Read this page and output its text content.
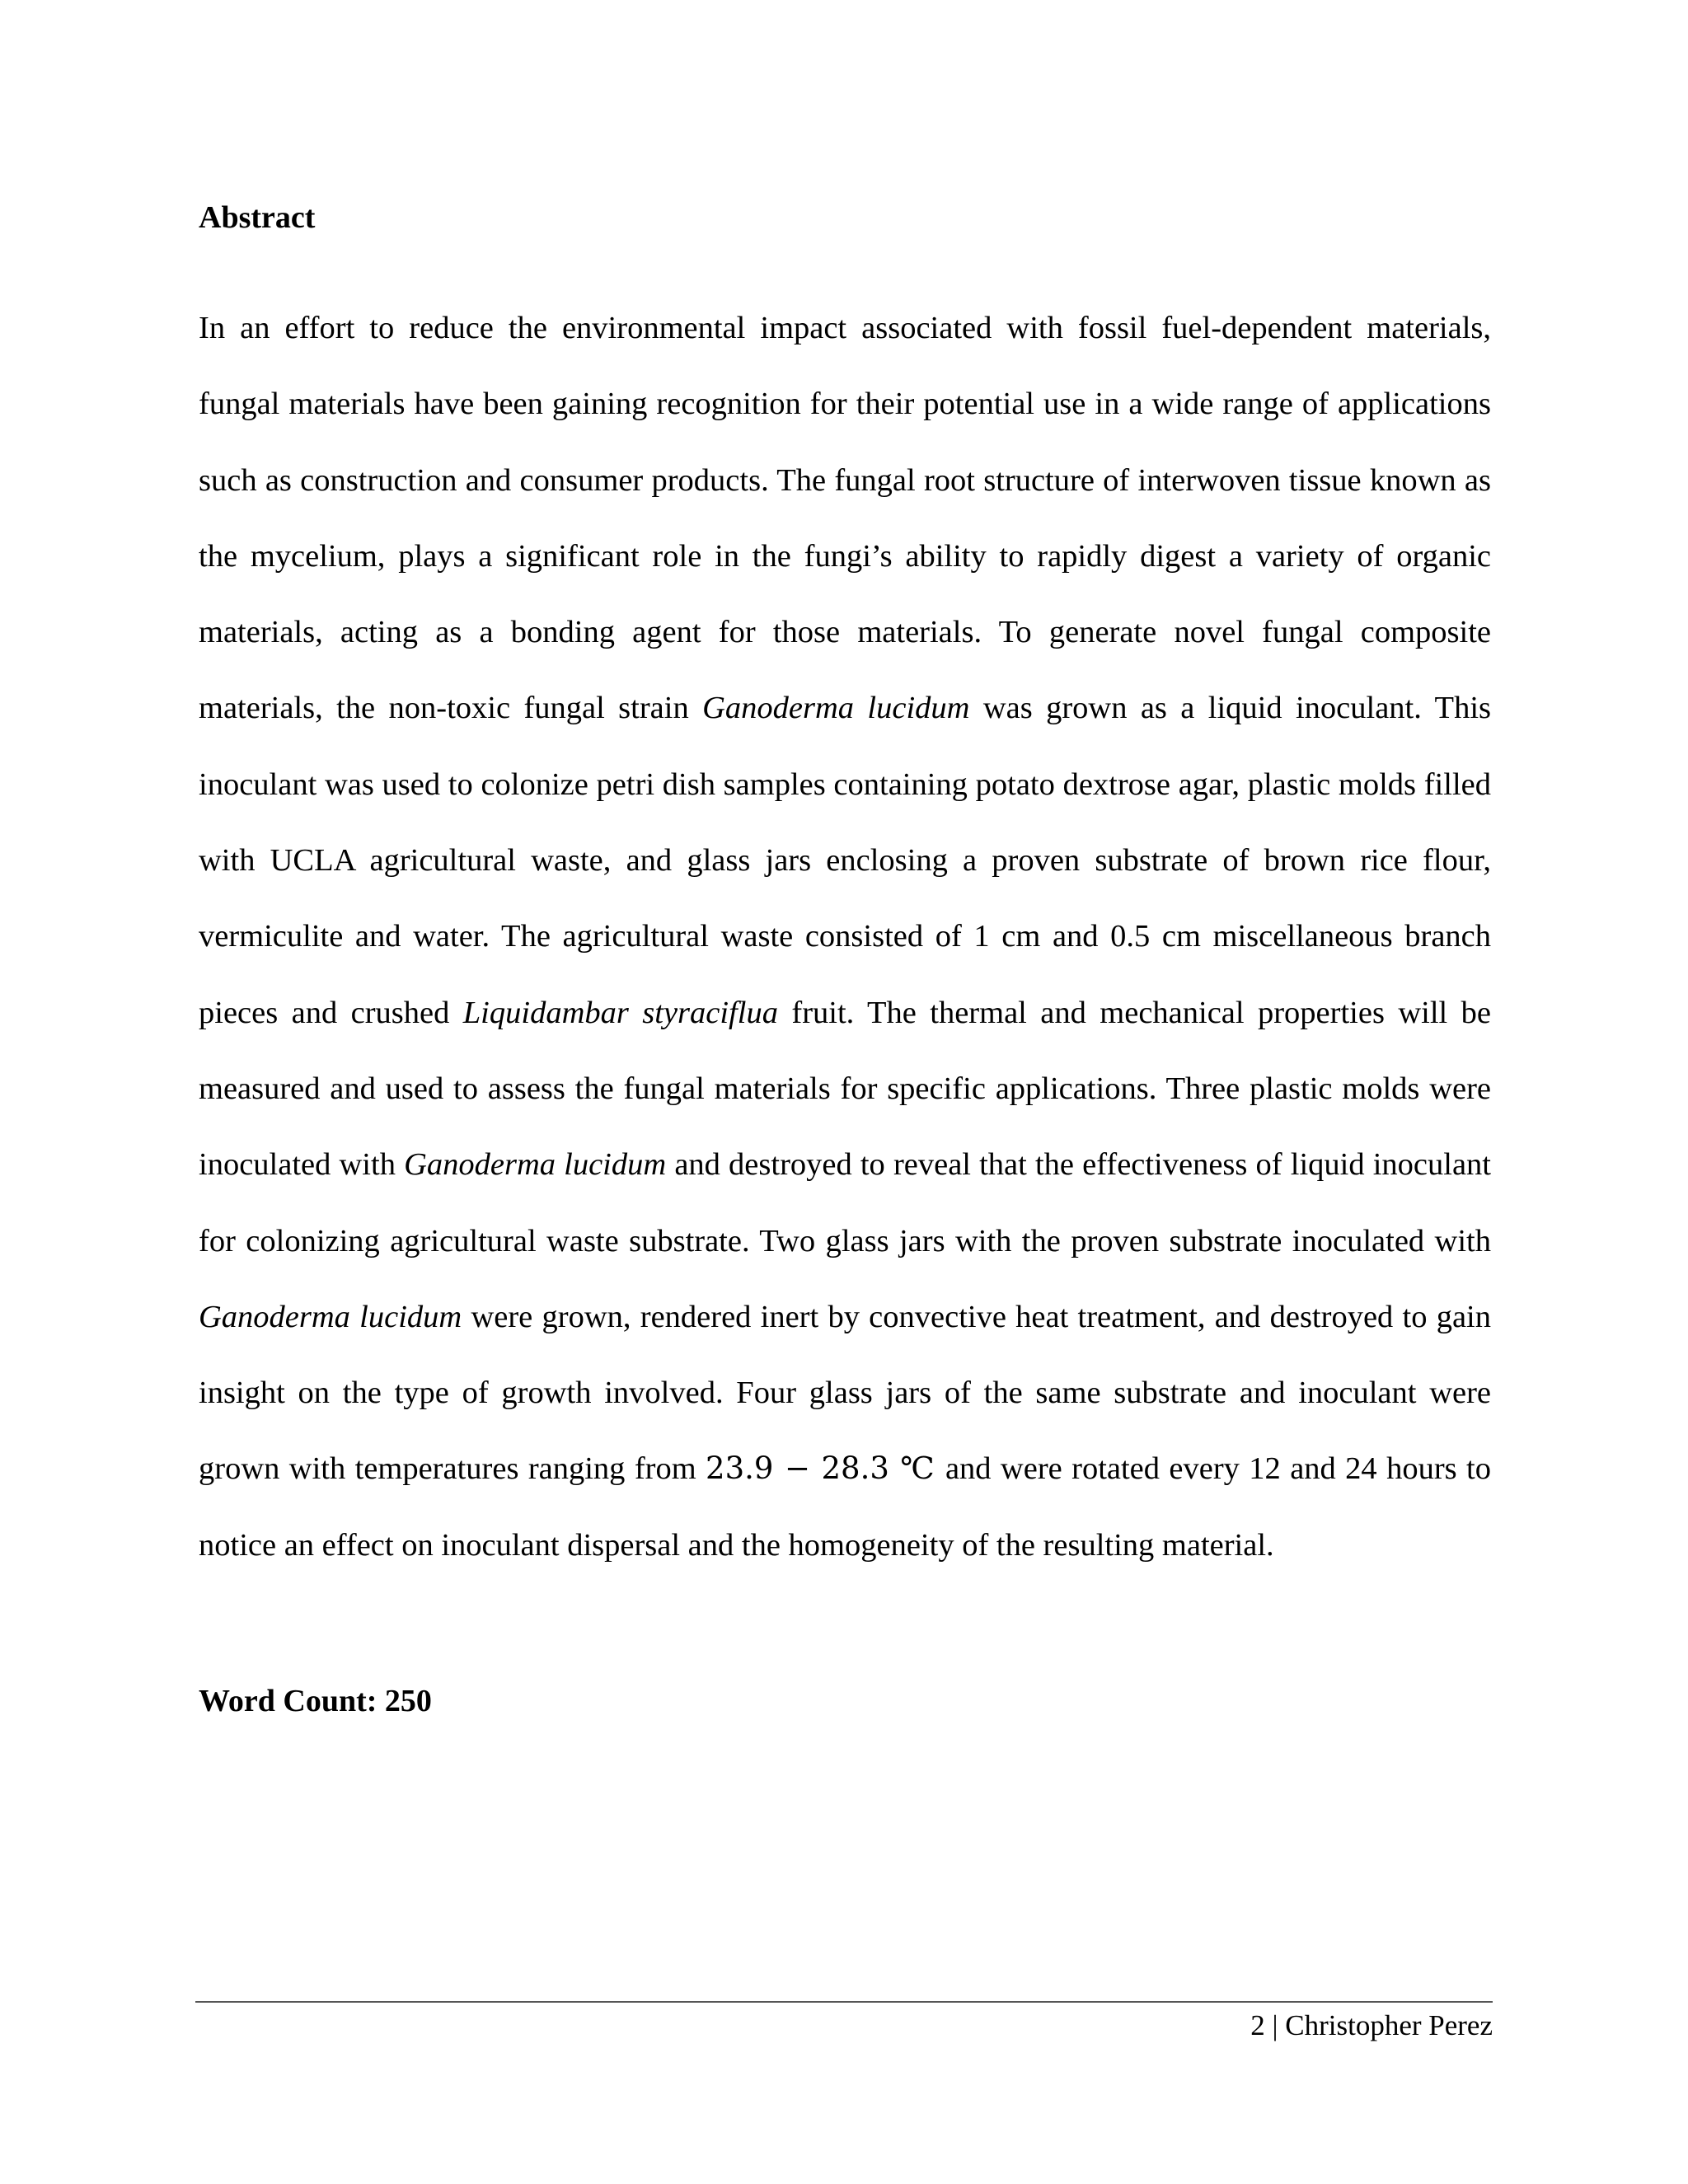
Abstract

In an effort to reduce the environmental impact associated with fossil fuel-dependent materials, fungal materials have been gaining recognition for their potential use in a wide range of applications such as construction and consumer products. The fungal root structure of interwoven tissue known as the mycelium, plays a significant role in the fungi’s ability to rapidly digest a variety of organic materials, acting as a bonding agent for those materials. To generate novel fungal composite materials, the non-toxic fungal strain Ganoderma lucidum was grown as a liquid inoculant. This inoculant was used to colonize petri dish samples containing potato dextrose agar, plastic molds filled with UCLA agricultural waste, and glass jars enclosing a proven substrate of brown rice flour, vermiculite and water. The agricultural waste consisted of 1 cm and 0.5 cm miscellaneous branch pieces and crushed Liquidambar styraciflua fruit. The thermal and mechanical properties will be measured and used to assess the fungal materials for specific applications. Three plastic molds were inoculated with Ganoderma lucidum and destroyed to reveal that the effectiveness of liquid inoculant for colonizing agricultural waste substrate. Two glass jars with the proven substrate inoculated with Ganoderma lucidum were grown, rendered inert by convective heat treatment, and destroyed to gain insight on the type of growth involved. Four glass jars of the same substrate and inoculant were grown with temperatures ranging from 23.9 − 28.3 ℃ and were rotated every 12 and 24 hours to notice an effect on inoculant dispersal and the homogeneity of the resulting material.

Word Count: 250

2 | Christopher Perez
